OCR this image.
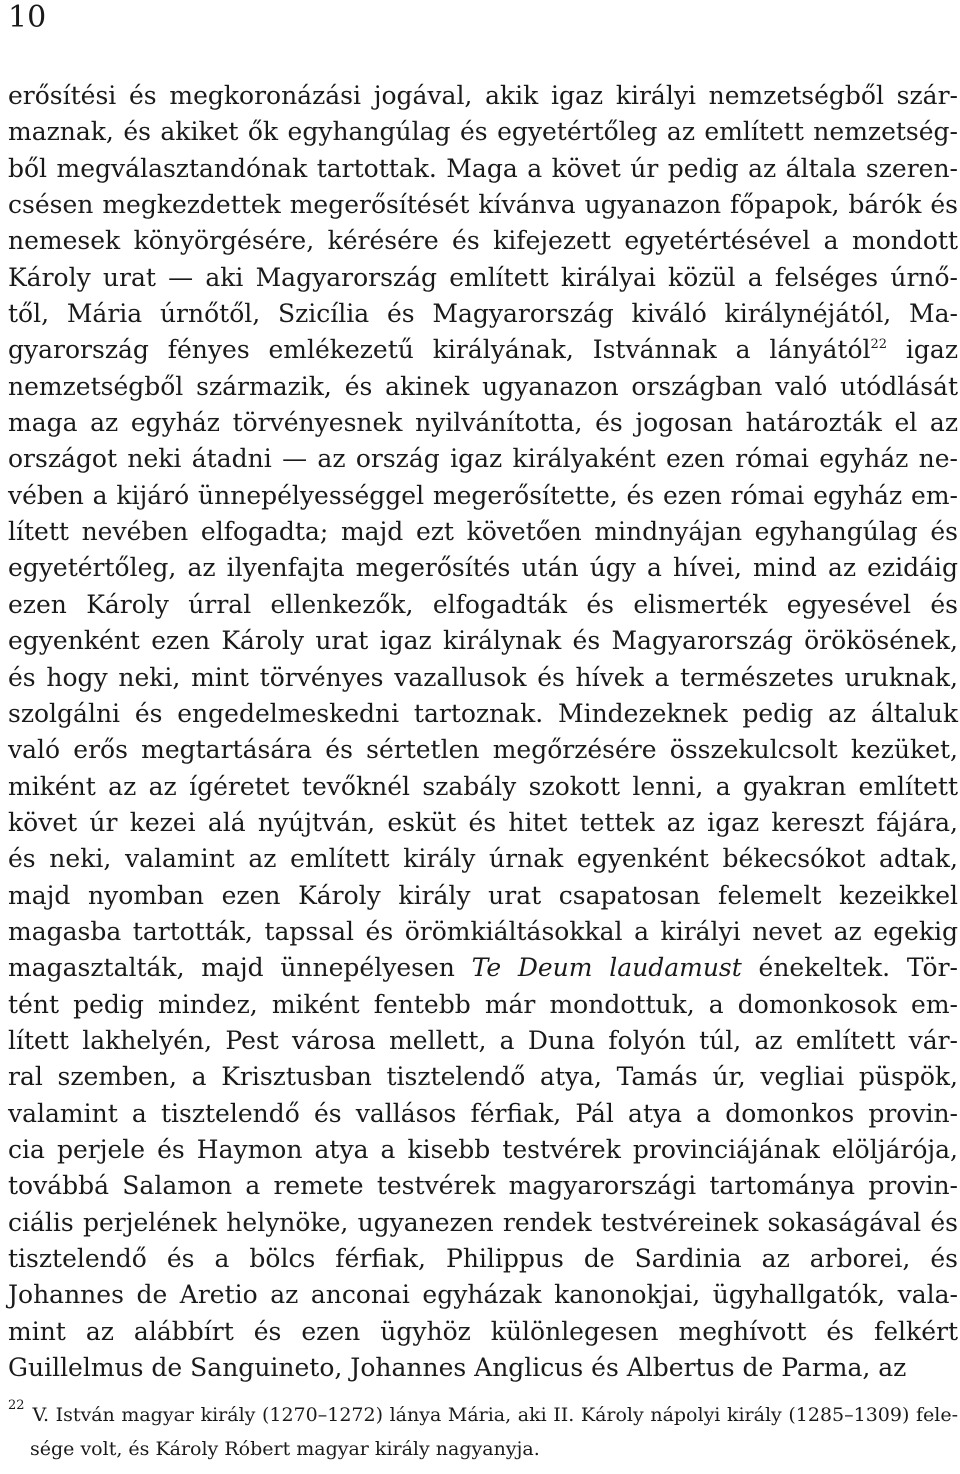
10
erősítési és megkoronázási jogával, akik igaz királyi nemzetségből szár-
maznak, és akiket ők egyhangúlag és egyetértőleg az említett nemzetség-
ből megválasztandónak tartottak. Maga a követ úr pedig az általa szeren-
csésen megkezdettek megerősítését kívánva ugyanazon főpapok, bárók és
nemesek könyörgésére, kérésére és kifejezett egyetértésével a mondott
Károly urat — aki Magyarország említett királyai közül a felséges úrnő-
től, Mária úrnőtől, Szicília és Magyarország kiváló királynéjától, Ma-
gyarország fényes emlékezetű királyának, Istvánnak a lányától$^{22}$ igaz
nemzetségből származik, és akinek ugyanazon országban való utódlását
maga az egyház törvényesnek nyilvánította, és jogosan határozták el az
országot neki átadni — az ország igaz királyaként ezen római egyház ne-
vében a kijáró ünnepélyességgel megerősítette, és ezen római egyház em-
lített nevében elfogadta; majd ezt követően mindnyájan egyhangúlag és
egyetértőleg, az ilyenfajta megerősítés után úgy a hívei, mind az ezidáig
ezen Károly úrral ellenkezők, elfogadták és elismerték egyesével és
egyenként ezen Károly urat igaz királynak és Magyarország örökösének,
és hogy neki, mint törvényes vazallusok és hívek a természetes uruknak,
szolgálni és engedelmeskedni tartoznak. Mindezeknek pedig az általuk
való erős megtartására és sértetlen megőrzésére összekulcsolt kezüket,
miként az az ígéretet tevőknél szabály szokott lenni, a gyakran említett
követ úr kezei alá nyújtván, esküt és hitet tettek az igaz kereszt fájára,
és neki, valamint az említett király úrnak egyenként békecsókot adtak,
majd nyomban ezen Károly király urat csapatosan felemelt kezeikkel
magasba tartották, tapssal és örömkiáltásokkal a királyi nevet az egekig
magasztalták, majd ünnepélyesen Te Deum laudamust énekeltek. Tör-
tént pedig mindez, miként fentebb már mondottuk, a domonkosok em-
lített lakhelyén, Pest városa mellett, a Duna folyón túl, az említett vár-
ral szemben, a Krisztusban tisztelendő atya, Tamás úr, vegliai püspök,
valamint a tisztelendő és vallásos férfiak, Pál atya a domonkos provin-
cia perjele és Haymon atya a kisebb testvérek provinciájának elöljárója,
továbbá Salamon a remete testvérek magyarországi tartománya provin-
ciális perjelének helynöke, ugyanezen rendek testvéreinek sokaságával és
tisztelendő és a bölcs férfiak, Philippus de Sardinia az arborei, és
Johannes de Aretio az anconai egyházak kanonokjai, ügyhallgatók, vala-
mint az alábbírt és ezen ügyhöz különlegesen meghívott és felkért
Guillelmus de Sanguineto, Johannes Anglicus és Albertus de Parma, az
$^{22}$ V. István magyar király (1270–1272) lánya Mária, aki II. Károly nápolyi király (1285–1309) fele-
sége volt, és Károly Róbert magyar király nagyanyja.
